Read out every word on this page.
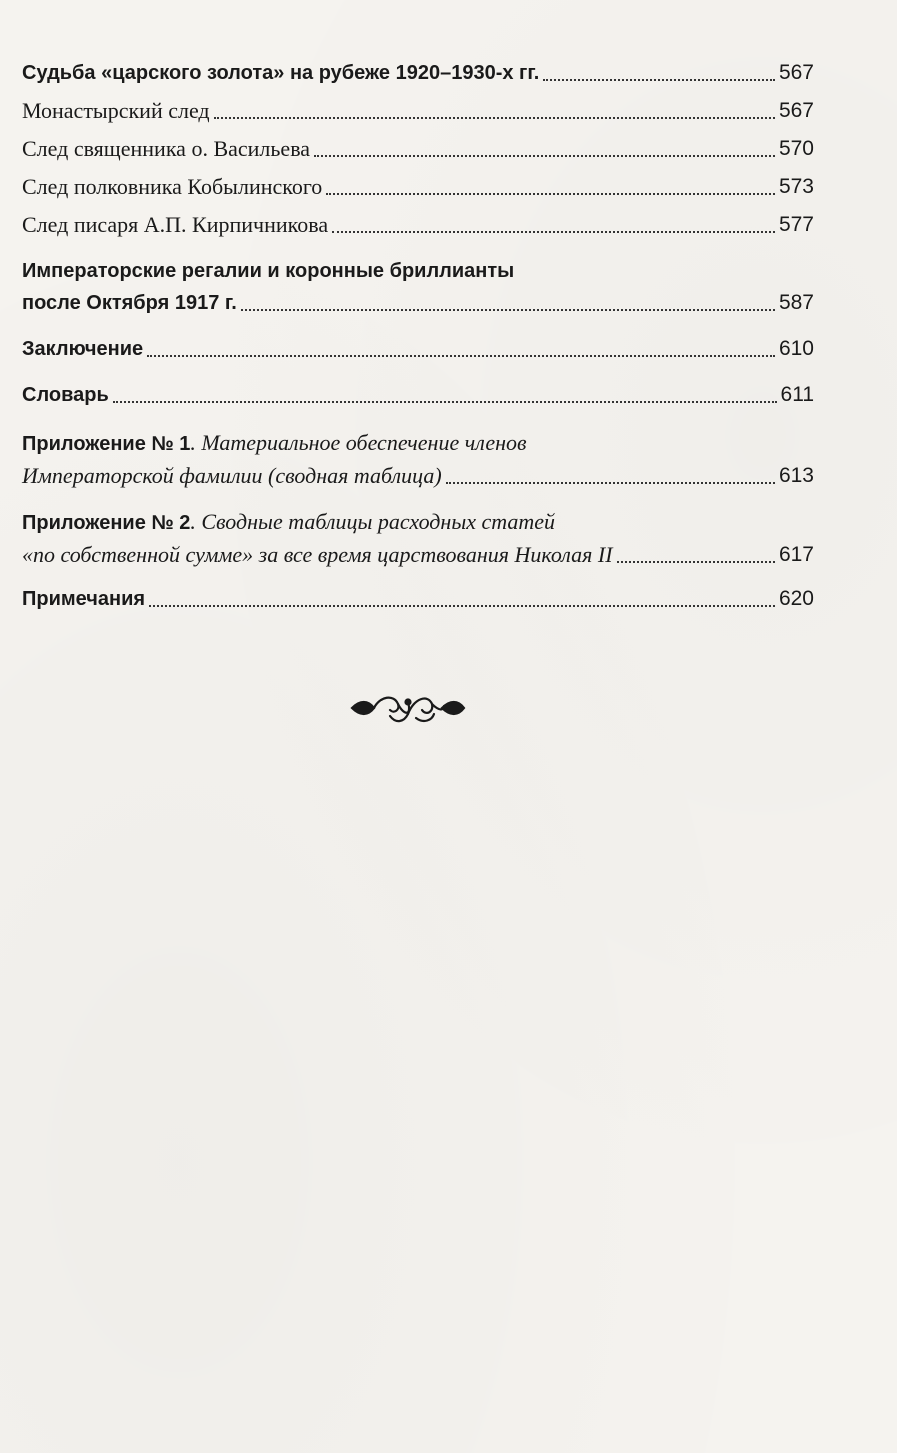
Судьба «царского золота» на рубеже 1920–1930-х гг.	567
Монастырский след	567
След священника о. Васильева	570
След полковника Кобылинского	573
След писаря А.П. Кирпичникова	577
Императорские регалии и коронные бриллианты
после Октября 1917 г.	587
Заключение	610
Словарь	611
Приложение № 1. Материальное обеспечение членов
Императорской фамилии (сводная таблица)	613
Приложение № 2. Сводные таблицы расходных статей
«по собственной сумме» за все время царствования Николая II	617
Примечания	620
